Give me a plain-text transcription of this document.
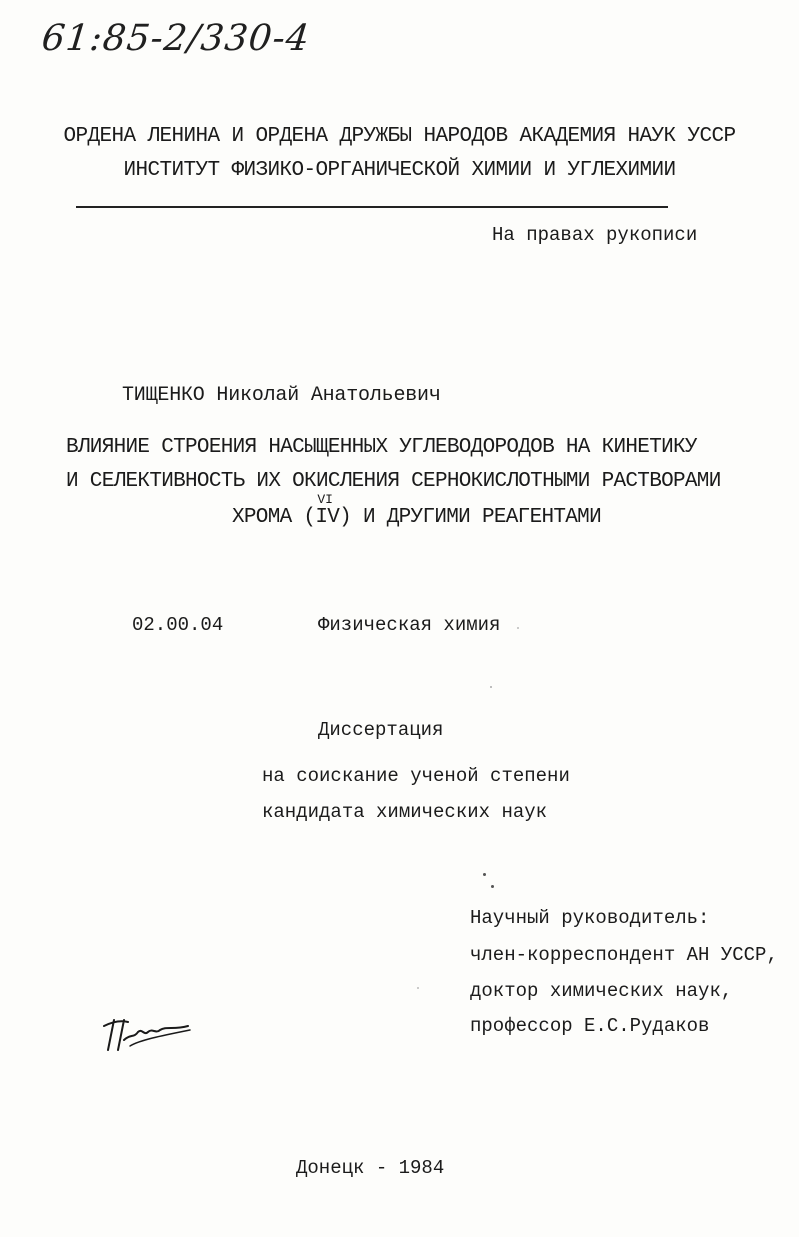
61:85-2/330-4
ОРДЕНА ЛЕНИНА И ОРДЕНА ДРУЖБЫ НАРОДОВ АКАДЕМИЯ НАУК УССР
ИНСТИТУТ ФИЗИКО-ОРГАНИЧЕСКОЙ ХИМИИ И УГЛЕХИМИИ
На правах рукописи
ТИЩЕНКО Николай Анатольевич
ВЛИЯНИЕ СТРОЕНИЯ НАСЫЩЕННЫХ УГЛЕВОДОРОДОВ НА КИНЕТИКУ
И СЕЛЕКТИВНОСТЬ ИХ ОКИСЛЕНИЯ СЕРНОКИСЛОТНЫМИ РАСТВОРАМИ
ХРОМА (
VI
IV) И ДРУГИМИ РЕАГЕНТАМИ
02.00.04	Физическая химия
Диссертация
на соискание ученой степени
кандидата химических наук
Научный руководитель:
член-корреспондент АН УССР,
доктор химических наук,
профессор Е.С.Рудаков
Донецк - 1984
